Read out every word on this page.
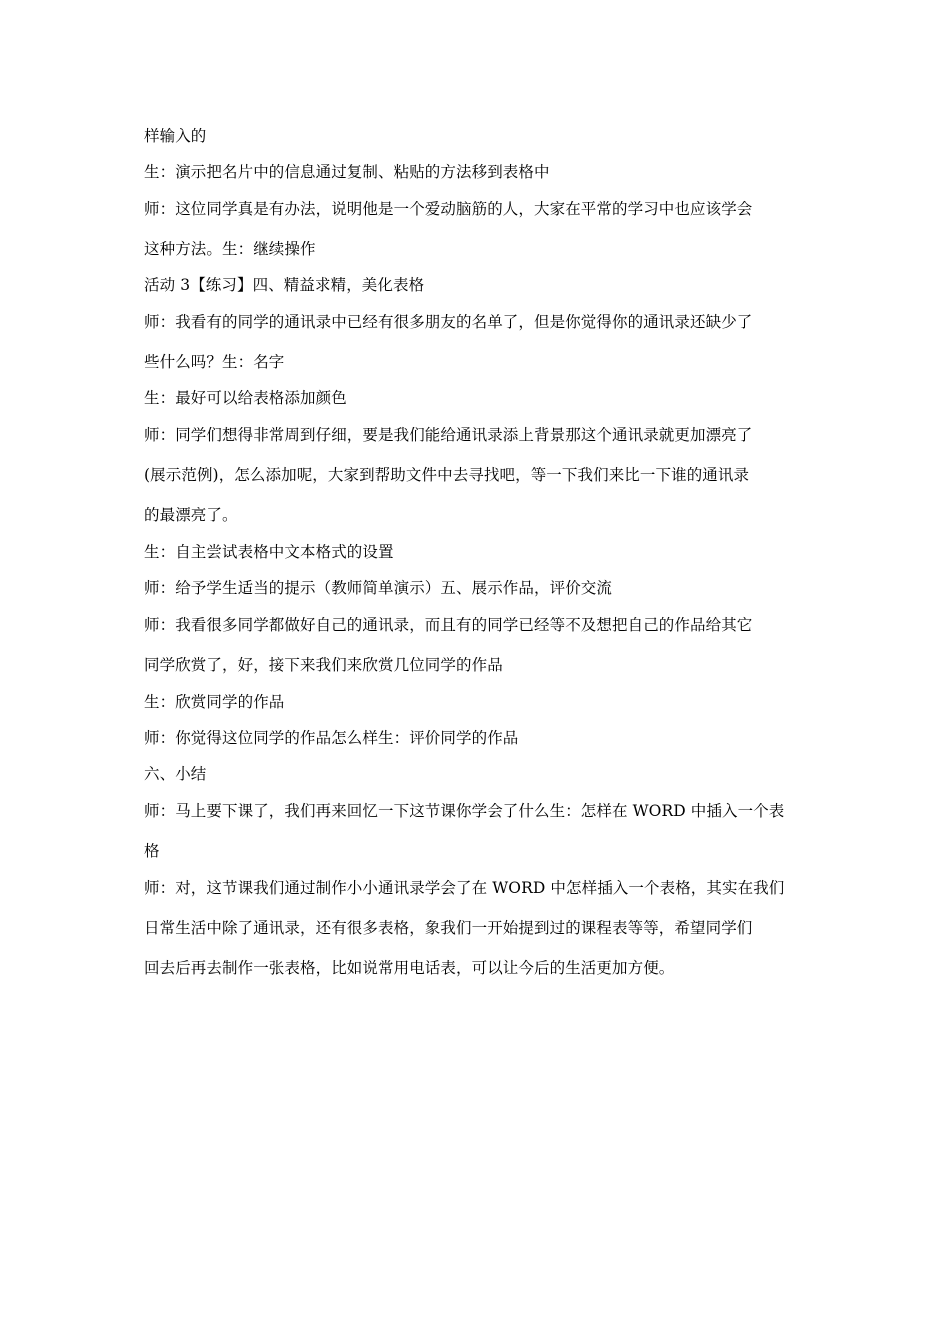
样输入的
生：演示把名片中的信息通过复制、粘贴的方法移到表格中
师：这位同学真是有办法，说明他是一个爱动脑筋的人，大家在平常的学习中也应该学会
这种方法。生：继续操作
活动 3【练习】四、精益求精，美化表格
师：我看有的同学的通讯录中已经有很多朋友的名单了，但是你觉得你的通讯录还缺少了
些什么吗？生：名字
生：最好可以给表格添加颜色
师：同学们想得非常周到仔细，要是我们能给通讯录添上背景那这个通讯录就更加漂亮了
(展示范例)，怎么添加呢，大家到帮助文件中去寻找吧，等一下我们来比一下谁的通讯录
的最漂亮了。
生：自主尝试表格中文本格式的设置
师：给予学生适当的提示（教师简单演示）五、展示作品，评价交流
师：我看很多同学都做好自己的通讯录，而且有的同学已经等不及想把自己的作品给其它
同学欣赏了，好，接下来我们来欣赏几位同学的作品
生：欣赏同学的作品
师：你觉得这位同学的作品怎么样生：评价同学的作品
六、小结
师：马上要下课了，我们再来回忆一下这节课你学会了什么生：怎样在 WORD 中插入一个表
格
师：对，这节课我们通过制作小小通讯录学会了在 WORD 中怎样插入一个表格，其实在我们
日常生活中除了通讯录，还有很多表格，象我们一开始提到过的课程表等等，希望同学们
回去后再去制作一张表格，比如说常用电话表，可以让今后的生活更加方便。
